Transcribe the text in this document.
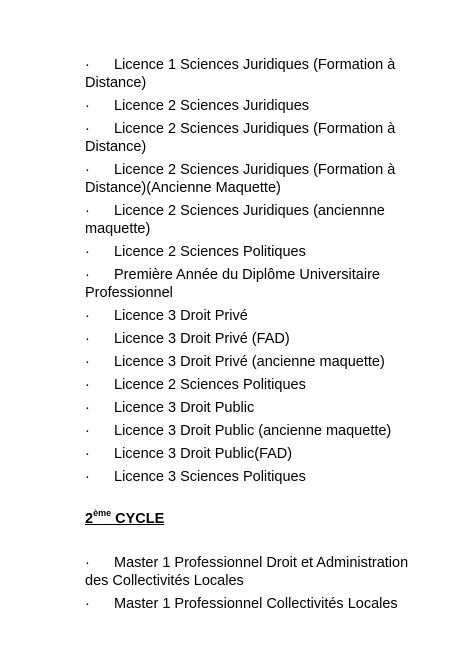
· Licence 1 Sciences Juridiques (Formation à Distance)
· Licence 2 Sciences Juridiques
· Licence 2 Sciences Juridiques (Formation à Distance)
· Licence 2 Sciences Juridiques (Formation à Distance)(Ancienne Maquette)
· Licence 2 Sciences Juridiques (anciennne maquette)
· Licence 2 Sciences Politiques
· Première Année du Diplôme Universitaire Professionnel
· Licence 3 Droit Privé
· Licence 3 Droit Privé (FAD)
· Licence 3 Droit Privé (ancienne maquette)
· Licence 2 Sciences Politiques
· Licence 3 Droit Public
· Licence 3 Droit Public (ancienne maquette)
· Licence 3 Droit Public(FAD)
· Licence 3 Sciences Politiques
2ème CYCLE
· Master 1 Professionnel Droit et Administration des Collectivités Locales
· Master 1 Professionnel Collectivités Locales
